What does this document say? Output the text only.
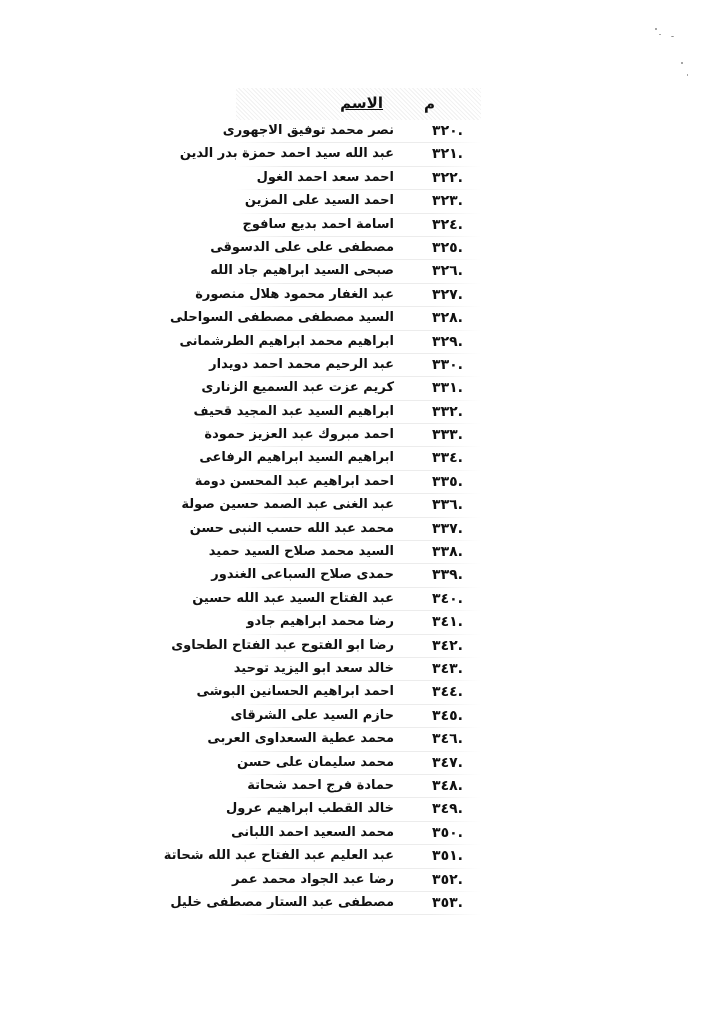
م
الاسم
٣٢٠.
نصر محمد توفيق الاجهورى
٣٢١.
عبد الله سيد احمد حمزة بدر الدين
٣٢٢.
احمد سعد احمد الغول
٣٢٣.
احمد السيد على المزين
٣٢٤.
اسامة احمد بديع سافوج
٣٢٥.
مصطفى على على الدسوقى
٣٢٦.
صبحى السيد ابراهيم جاد الله
٣٢٧.
عبد الغفار محمود هلال منصورة
٣٢٨.
السيد مصطفى مصطفى السواحلى
٣٢٩.
ابراهيم محمد ابراهيم الطرشمانى
٣٣٠.
عبد الرحيم محمد احمد دويدار
٣٣١.
كريم عزت عبد السميع الزنارى
٣٣٢.
ابراهيم السيد عبد المجيد قحيف
٣٣٣.
احمد مبروك عبد العزيز حمودة
٣٣٤.
ابراهيم السيد ابراهيم الرفاعى
٣٣٥.
احمد ابراهيم عبد المحسن دومة
٣٣٦.
عبد الغنى عبد الصمد حسين صولة
٣٣٧.
محمد عبد الله حسب النبى حسن
٣٣٨.
السيد محمد صلاح السيد حميد
٣٣٩.
حمدى صلاح السباعى الغندور
٣٤٠.
عبد الفتاح السيد عبد الله حسين
٣٤١.
رضا محمد ابراهيم جادو
٣٤٢.
رضا ابو الفتوح عبد الفتاح الطحاوى
٣٤٣.
خالد سعد ابو اليزيد توحيد
٣٤٤.
احمد ابراهيم الحسانين البوشى
٣٤٥.
حازم السيد على الشرقاى
٣٤٦.
محمد عطية السعداوى العربى
٣٤٧.
محمد سليمان على حسن
٣٤٨.
حمادة فرج احمد شحاتة
٣٤٩.
خالد القطب ابراهيم عرول
٣٥٠.
محمد السعيد احمد اللبانى
٣٥١.
عبد العليم عبد الفتاح عبد الله شحاتة
٣٥٢.
رضا عبد الجواد محمد عمر
٣٥٣.
مصطفى عبد الستار مصطفى خليل
